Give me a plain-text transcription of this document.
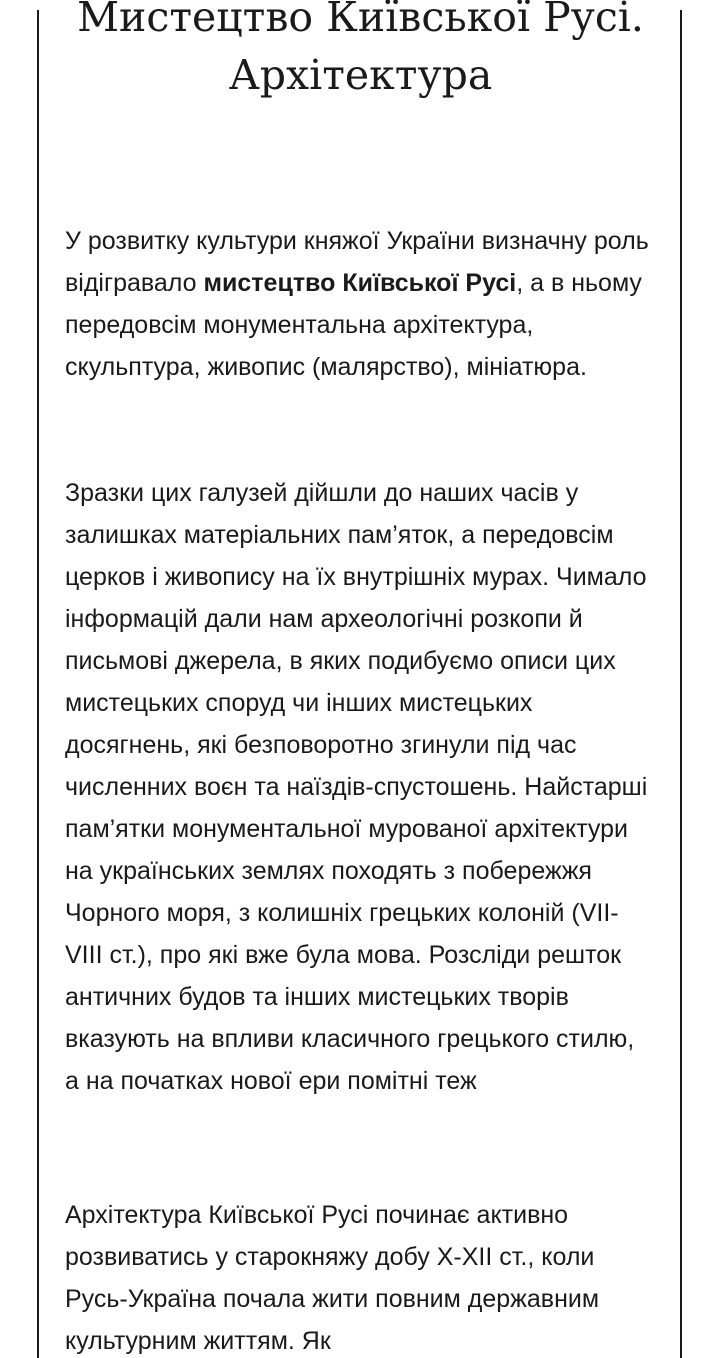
Мистецтво Київської Русі.
Архітектура

У розвитку культури княжої України визначну роль відігравало мистецтво Київської Русі, а в ньому передовсім монументальна архітектура, скульптура, живопис (малярство), мініатюра.

Зразки цих галузей дійшли до наших часів у залишках матеріальних пам’яток, а передовсім церков і живопису на їх внутрішніх мурах. Чимало інформацій дали нам археологічні розкопи й письмові джерела, в яких подибуємо описи цих мистецьких споруд чи інших мистецьких досягнень, які безповоротно згинули під час численних воєн та наїздів-спустошень. Найстарші пам’ятки монументальної мурованої архітектури на українських землях походять з побережжя Чорного моря, з колишніх грецьких колоній (VII-VIII ст.), про які вже була мова. Розсліди решток античних будов та інших мистецьких творів вказують на впливи класичного грецького стилю, а на початках нової ери помітні теж

Архітектура Київської Русі починає активно розвиватись у старокняжу добу X-XII ст., коли Русь-Україна почала жити повним державним культурним життям. Як
